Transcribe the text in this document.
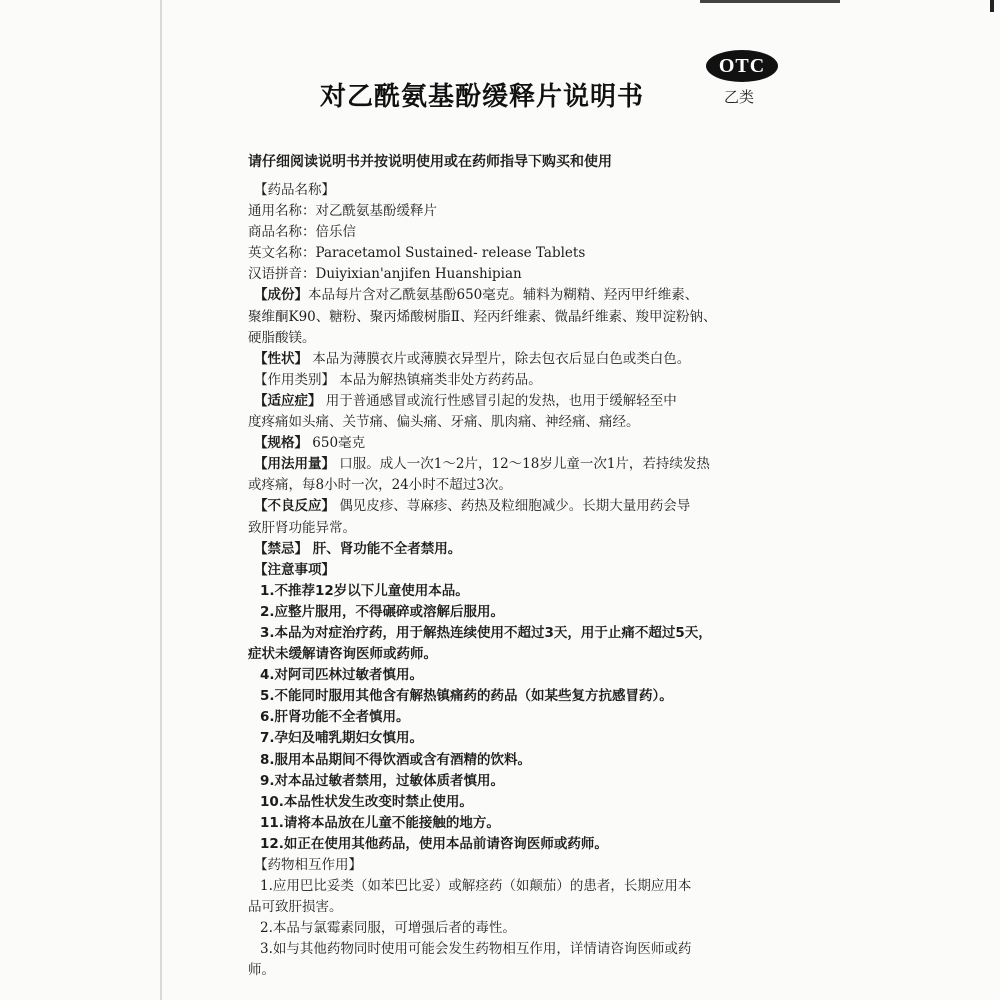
对乙酰氨基酚缓释片说明书
OTC
乙类
请仔细阅读说明书并按说明使用或在药师指导下购买和使用
【药品名称】
通用名称：对乙酰氨基酚缓释片
商品名称：倍乐信
英文名称：Paracetamol Sustained- release Tablets
汉语拼音：Duiyixian'anjifen Huanshipian
【成份】本品每片含对乙酰氨基酚650毫克。辅料为糊精、羟丙甲纤维素、
聚维酮K90、糖粉、聚丙烯酸树脂Ⅱ、羟丙纤维素、微晶纤维素、羧甲淀粉钠、
硬脂酸镁。
【性状】 本品为薄膜衣片或薄膜衣异型片，除去包衣后显白色或类白色。
【作用类别】 本品为解热镇痛类非处方药药品。
【适应症】 用于普通感冒或流行性感冒引起的发热，也用于缓解轻至中
度疼痛如头痛、关节痛、偏头痛、牙痛、肌肉痛、神经痛、痛经。
【规格】 650毫克
【用法用量】 口服。成人一次1～2片，12～18岁儿童一次1片，若持续发热
或疼痛，每8小时一次，24小时不超过3次。
【不良反应】 偶见皮疹、荨麻疹、药热及粒细胞减少。长期大量用药会导
致肝肾功能异常。
【禁忌】 肝、肾功能不全者禁用。
【注意事项】
1.不推荐12岁以下儿童使用本品。
2.应整片服用，不得碾碎或溶解后服用。
3.本品为对症治疗药，用于解热连续使用不超过3天，用于止痛不超过5天，
症状未缓解请咨询医师或药师。
4.对阿司匹林过敏者慎用。
5.不能同时服用其他含有解热镇痛药的药品（如某些复方抗感冒药）。
6.肝肾功能不全者慎用。
7.孕妇及哺乳期妇女慎用。
8.服用本品期间不得饮酒或含有酒精的饮料。
9.对本品过敏者禁用，过敏体质者慎用。
10.本品性状发生改变时禁止使用。
11.请将本品放在儿童不能接触的地方。
12.如正在使用其他药品，使用本品前请咨询医师或药师。
【药物相互作用】
1.应用巴比妥类（如苯巴比妥）或解痉药（如颠茄）的患者，长期应用本
品可致肝损害。
2.本品与氯霉素同服，可增强后者的毒性。
3.如与其他药物同时使用可能会发生药物相互作用，详情请咨询医师或药
师。
